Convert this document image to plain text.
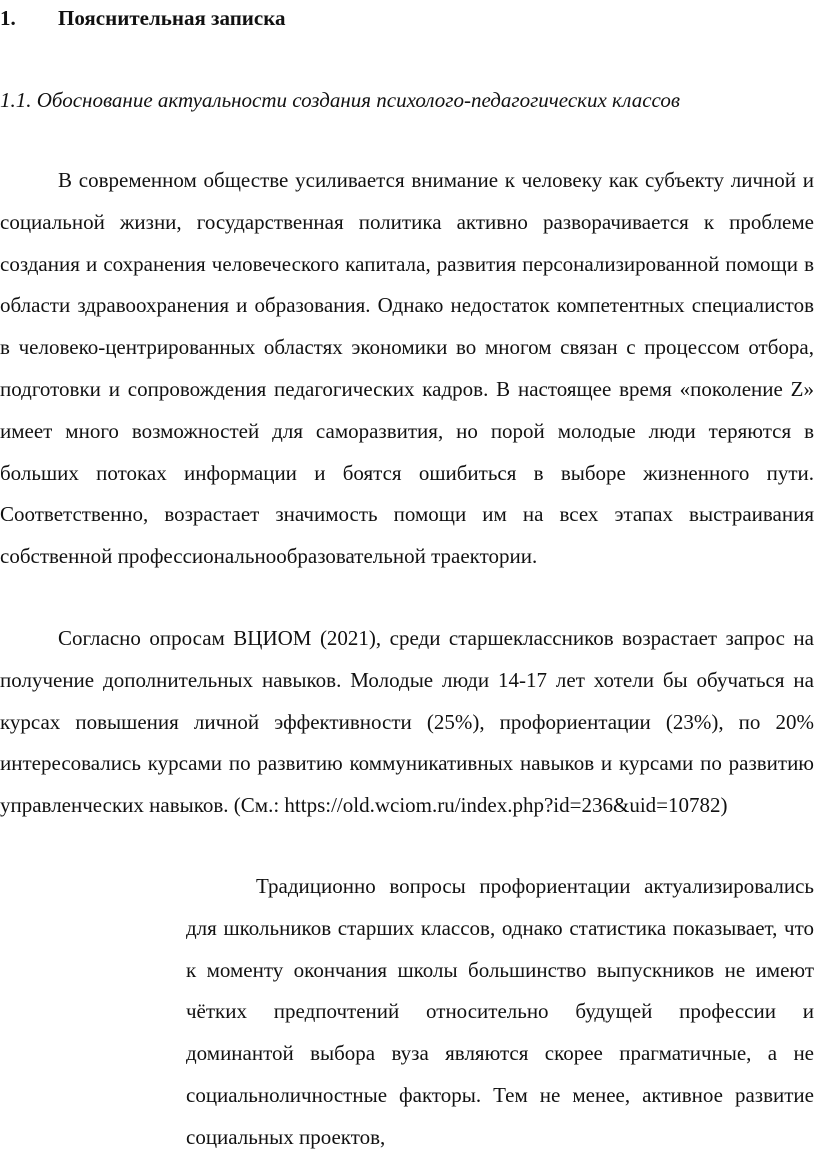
1. Пояснительная записка
1.1. Обоснование актуальности создания психолого-педагогических классов

В современном обществе усиливается внимание к человеку как субъекту личной и социальной жизни, государственная политика активно разворачивается к проблеме создания и сохранения человеческого капитала, развития персонализированной помощи в области здравоохранения и образования. Однако недостаток компетентных специалистов в человеко-центрированных областях экономики во многом связан с процессом отбора, подготовки и сопровождения педагогических кадров. В настоящее время «поколение Z» имеет много возможностей для саморазвития, но порой молодые люди теряются в больших потоках информации и боятся ошибиться в выборе жизненного пути. Соответственно, возрастает значимость помощи им на всех этапах выстраивания собственной профессиональнообразовательной траектории.

Согласно опросам ВЦИОМ (2021), среди старшеклассников возрастает запрос на получение дополнительных навыков. Молодые люди 14-17 лет хотели бы обучаться на курсах повышения личной эффективности (25%), профориентации (23%), по 20% интересовались курсами по развитию коммуникативных навыков и курсами по развитию управленческих навыков. (См.: https://old.wciom.ru/index.php?id=236&uid=10782)

Традиционно вопросы профориентации актуализировались для школьников старших классов, однако статистика показывает, что к моменту окончания школы большинство выпускников не имеют чётких предпочтений относительно будущей профессии и доминантой выбора вуза являются скорее прагматичные, а не социальноличностные факторы. Тем не менее, активное развитие социальных проектов,
